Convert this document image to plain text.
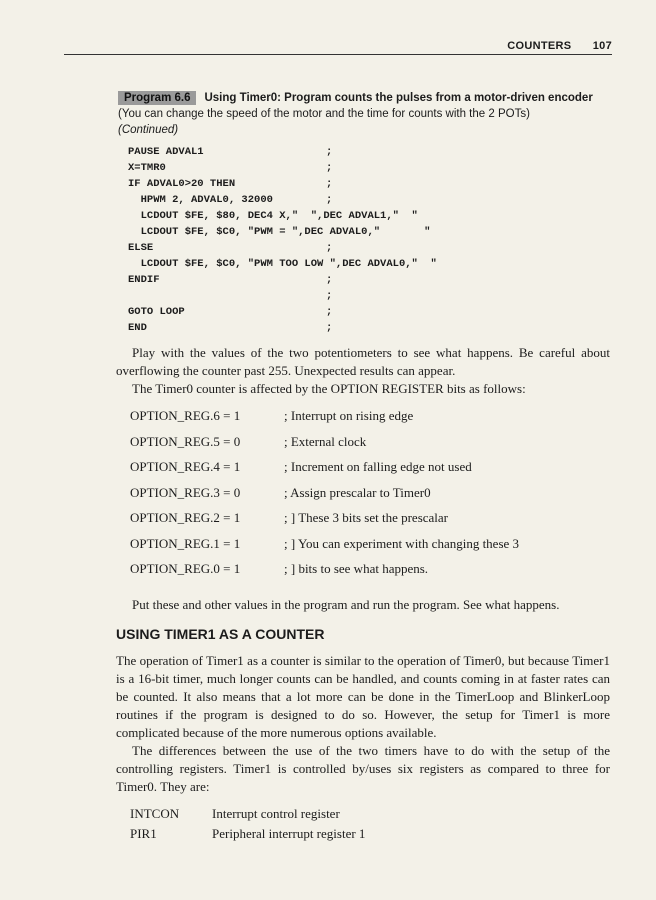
COUNTERS 107
Program 6.6 Using Timer0: Program counts the pulses from a motor-driven encoder (You can change the speed of the motor and the time for counts with the 2 POTs)
(Continued)
PAUSE ADVAL1	;
X=TMR0	;
IF ADVAL0>20 THEN	;
HPWM 2, ADVAL0, 32000	;
LCDOUT $FE, $80, DEC4 X,"  ",DEC ADVAL1,"  "
LCDOUT $FE, $C0, "PWM = ",DEC ADVAL0,"       "
ELSE	;
LCDOUT $FE, $C0, "PWM TOO LOW ",DEC ADVAL0,"  "
ENDIF	;
;
GOTO LOOP	;
END	;
Play with the values of the two potentiometers to see what happens. Be careful about overflowing the counter past 255. Unexpected results can appear.
The Timer0 counter is affected by the OPTION REGISTER bits as follows:
OPTION_REG.6 = 1	; Interrupt on rising edge
OPTION_REG.5 = 0	; External clock
OPTION_REG.4 = 1	; Increment on falling edge not used
OPTION_REG.3 = 0	; Assign prescalar to Timer0
OPTION_REG.2 = 1	; ] These 3 bits set the prescalar
OPTION_REG.1 = 1	; ] You can experiment with changing these 3
OPTION_REG.0 = 1	; ] bits to see what happens.
Put these and other values in the program and run the program. See what happens.
USING TIMER1 AS A COUNTER
The operation of Timer1 as a counter is similar to the operation of Timer0, but because Timer1 is a 16-bit timer, much longer counts can be handled, and counts coming in at faster rates can be counted. It also means that a lot more can be done in the TimerLoop and BlinkerLoop routines if the program is designed to do so. However, the setup for Timer1 is more complicated because of the more numerous options available.
The differences between the use of the two timers have to do with the setup of the controlling registers. Timer1 is controlled by/uses six registers as compared to three for Timer0. They are:
INTCON	Interrupt control register
PIR1	Peripheral interrupt register 1
